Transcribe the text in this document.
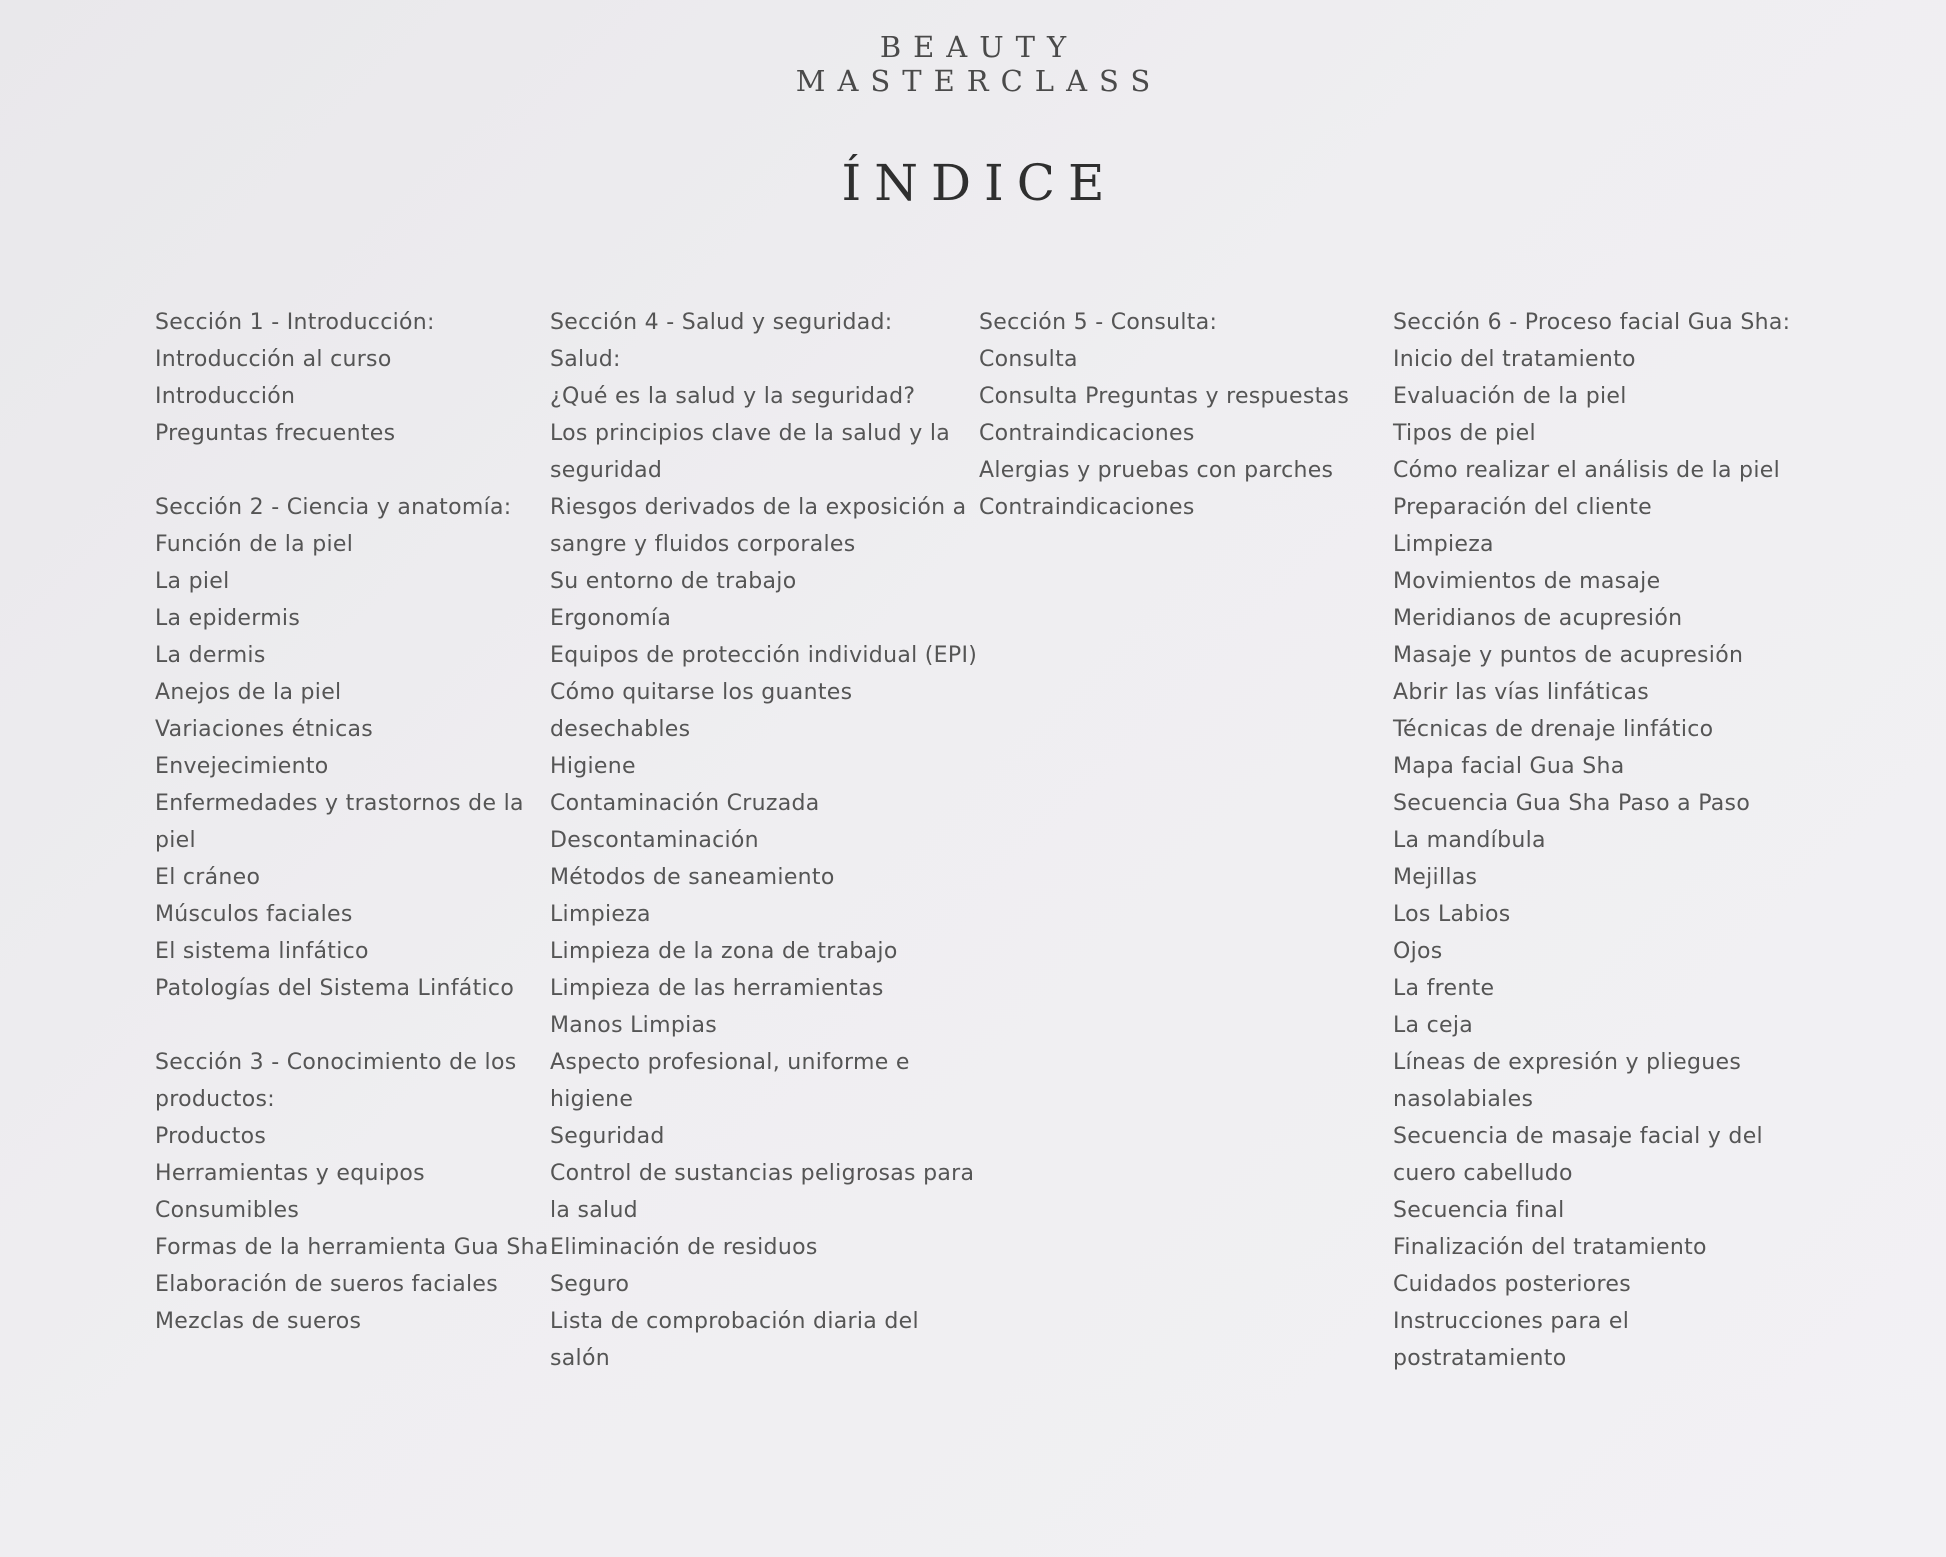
BEAUTY
MASTERCLASS
ÍNDICE
Sección 1 - Introducción:
Introducción al curso
Introducción
Preguntas frecuentes
Sección 2 - Ciencia y anatomía:
Función de la piel
La piel
La epidermis
La dermis
Anejos de la piel
Variaciones étnicas
Envejecimiento
Enfermedades y trastornos de la
piel
El cráneo
Músculos faciales
El sistema linfático
Patologías del Sistema Linfático
Sección 3 - Conocimiento de los
productos:
Productos
Herramientas y equipos
Consumibles
Formas de la herramienta Gua Sha
Elaboración de sueros faciales
Mezclas de sueros
Sección 4 - Salud y seguridad:
Salud:
¿Qué es la salud y la seguridad?
Los principios clave de la salud y la
seguridad
Riesgos derivados de la exposición a
sangre y fluidos corporales
Su entorno de trabajo
Ergonomía
Equipos de protección individual (EPI)
Cómo quitarse los guantes
desechables
Higiene
Contaminación Cruzada
Descontaminación
Métodos de saneamiento
Limpieza
Limpieza de la zona de trabajo
Limpieza de las herramientas
Manos Limpias
Aspecto profesional, uniforme e
higiene
Seguridad
Control de sustancias peligrosas para
la salud
Eliminación de residuos
Seguro
Lista de comprobación diaria del
salón
Sección 5 - Consulta:
Consulta
Consulta Preguntas y respuestas
Contraindicaciones
Alergias y pruebas con parches
Contraindicaciones
Sección 6 - Proceso facial Gua Sha:
Inicio del tratamiento
Evaluación de la piel
Tipos de piel
Cómo realizar el análisis de la piel
Preparación del cliente
Limpieza
Movimientos de masaje
Meridianos de acupresión
Masaje y puntos de acupresión
Abrir las vías linfáticas
Técnicas de drenaje linfático
Mapa facial Gua Sha
Secuencia Gua Sha Paso a Paso
La mandíbula
Mejillas
Los Labios
Ojos
La frente
La ceja
Líneas de expresión y pliegues
nasolabiales
Secuencia de masaje facial y del
cuero cabelludo
Secuencia final
Finalización del tratamiento
Cuidados posteriores
Instrucciones para el
postratamiento
